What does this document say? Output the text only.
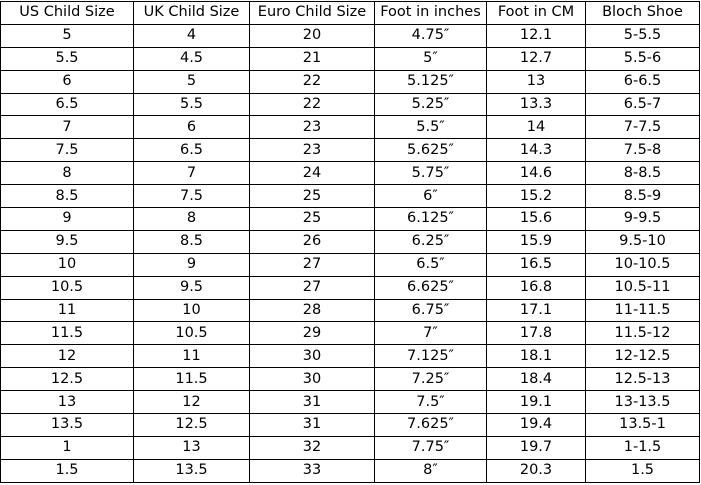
US Child Size	UK Child Size	Euro Child Size	Foot in inches	Foot in CM	Bloch Shoe
5	4	20	4.75″	12.1	5-5.5
5.5	4.5	21	5″	12.7	5.5-6
6	5	22	5.125″	13	6-6.5
6.5	5.5	22	5.25″	13.3	6.5-7
7	6	23	5.5″	14	7-7.5
7.5	6.5	23	5.625″	14.3	7.5-8
8	7	24	5.75″	14.6	8-8.5
8.5	7.5	25	6″	15.2	8.5-9
9	8	25	6.125″	15.6	9-9.5
9.5	8.5	26	6.25″	15.9	9.5-10
10	9	27	6.5″	16.5	10-10.5
10.5	9.5	27	6.625″	16.8	10.5-11
11	10	28	6.75″	17.1	11-11.5
11.5	10.5	29	7″	17.8	11.5-12
12	11	30	7.125″	18.1	12-12.5
12.5	11.5	30	7.25″	18.4	12.5-13
13	12	31	7.5″	19.1	13-13.5
13.5	12.5	31	7.625″	19.4	13.5-1
1	13	32	7.75″	19.7	1-1.5
1.5	13.5	33	8″	20.3	1.5
